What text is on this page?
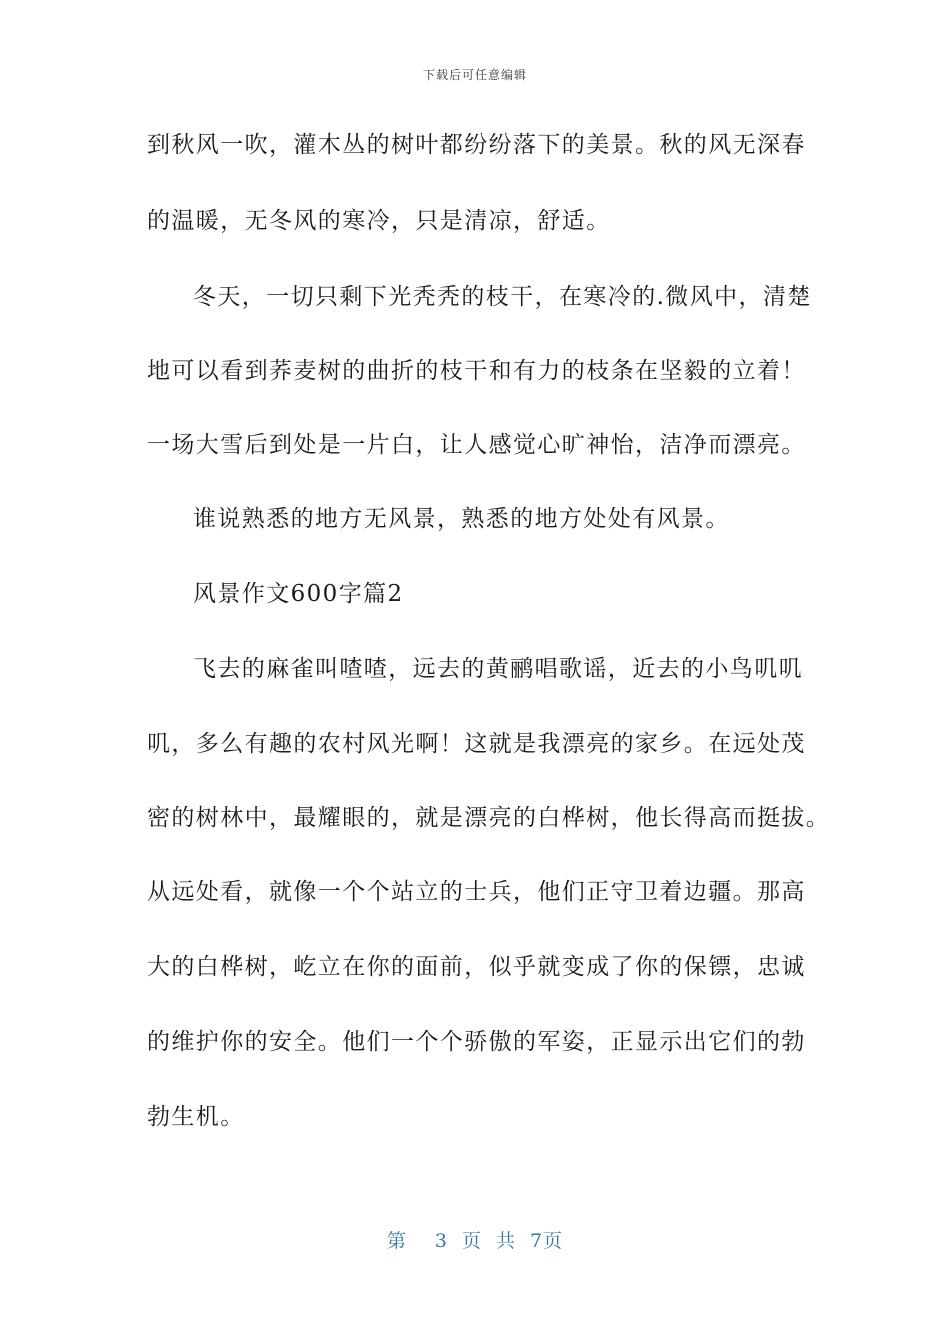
下载后可任意编辑
到秋风一吹，灌木丛的树叶都纷纷落下的美景。秋的风无深春
的温暖，无冬风的寒冷，只是清凉，舒适。
冬天，一切只剩下光秃秃的枝干，在寒冷的.微风中，清楚
地可以看到荞麦树的曲折的枝干和有力的枝条在坚毅的立着！
一场大雪后到处是一片白，让人感觉心旷神怡，洁净而漂亮。
谁说熟悉的地方无风景，熟悉的地方处处有风景。
风景作文600字篇2
飞去的麻雀叫喳喳，远去的黄鹂唱歌谣，近去的小鸟叽叽
叽，多么有趣的农村风光啊！这就是我漂亮的家乡。在远处茂
密的树林中，最耀眼的，就是漂亮的白桦树，他长得高而挺拔。
从远处看，就像一个个站立的士兵，他们正守卫着边疆。那高
大的白桦树，屹立在你的面前，似乎就变成了你的保镖，忠诚
的维护你的安全。他们一个个骄傲的军姿，正显示出它们的勃
勃生机。
第 3 页 共 7页
